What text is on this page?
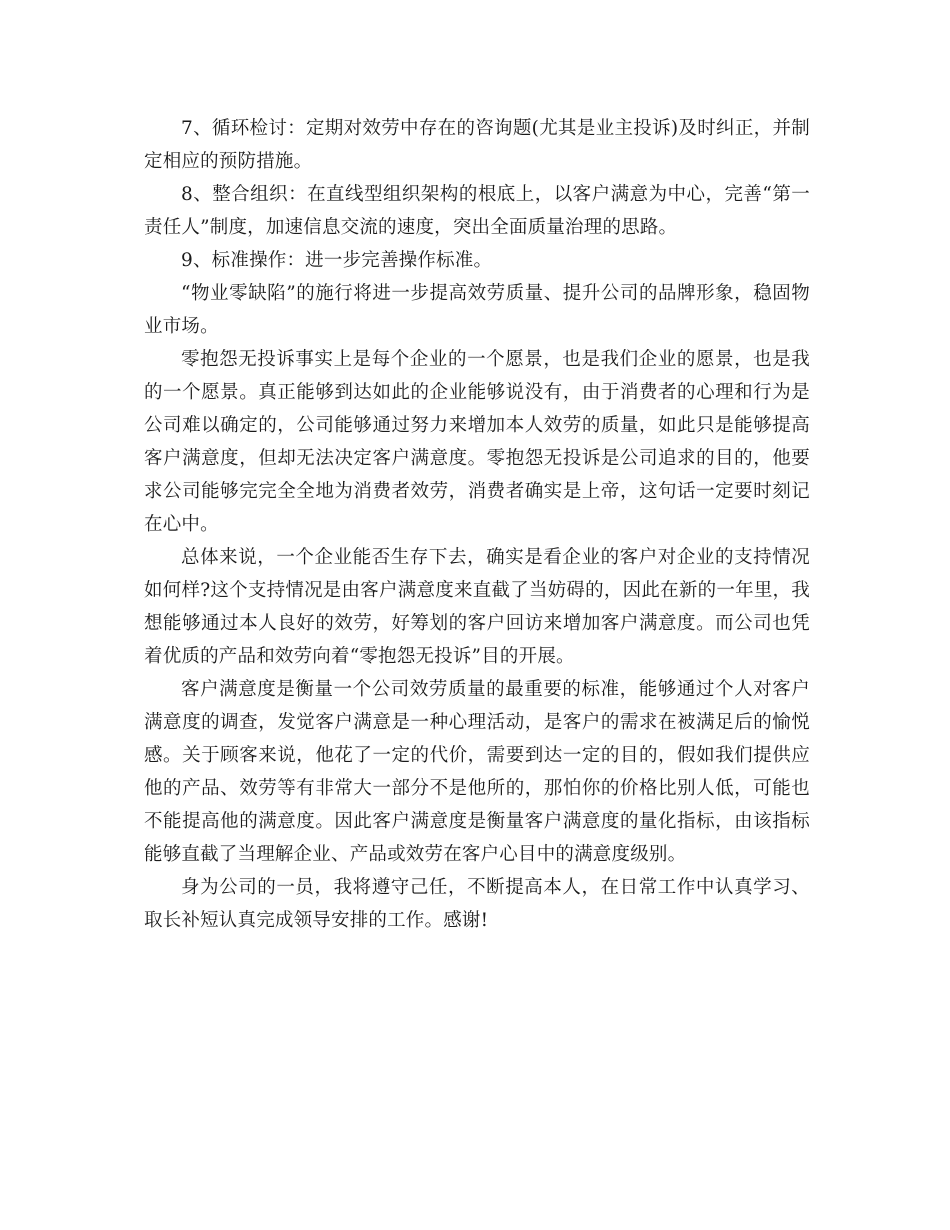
7、循环检讨：定期对效劳中存在的咨询题(尤其是业主投诉)及时纠正，并制定相应的预防措施。

8、整合组织：在直线型组织架构的根底上，以客户满意为中心，完善“第一责任人”制度，加速信息交流的速度，突出全面质量治理的思路。

9、标准操作：进一步完善操作标准。

“物业零缺陷”的施行将进一步提高效劳质量、提升公司的品牌形象，稳固物业市场。

零抱怨无投诉事实上是每个企业的一个愿景，也是我们企业的愿景，也是我的一个愿景。真正能够到达如此的企业能够说没有，由于消费者的心理和行为是公司难以确定的，公司能够通过努力来增加本人效劳的质量，如此只是能够提高客户满意度，但却无法决定客户满意度。零抱怨无投诉是公司追求的目的，他要求公司能够完完全全地为消费者效劳，消费者确实是上帝，这句话一定要时刻记在心中。

总体来说，一个企业能否生存下去，确实是看企业的客户对企业的支持情况如何样?这个支持情况是由客户满意度来直截了当妨碍的，因此在新的一年里，我想能够通过本人良好的效劳，好筹划的客户回访来增加客户满意度。而公司也凭着优质的产品和效劳向着“零抱怨无投诉”目的开展。

客户满意度是衡量一个公司效劳质量的最重要的标准，能够通过个人对客户满意度的调查，发觉客户满意是一种心理活动，是客户的需求在被满足后的愉悦感。关于顾客来说，他花了一定的代价，需要到达一定的目的，假如我们提供应他的产品、效劳等有非常大一部分不是他所的，那怕你的价格比别人低，可能也不能提高他的满意度。因此客户满意度是衡量客户满意度的量化指标，由该指标能够直截了当理解企业、产品或效劳在客户心目中的满意度级别。

身为公司的一员，我将遵守己任，不断提高本人，在日常工作中认真学习、取长补短认真完成领导安排的工作。感谢!
